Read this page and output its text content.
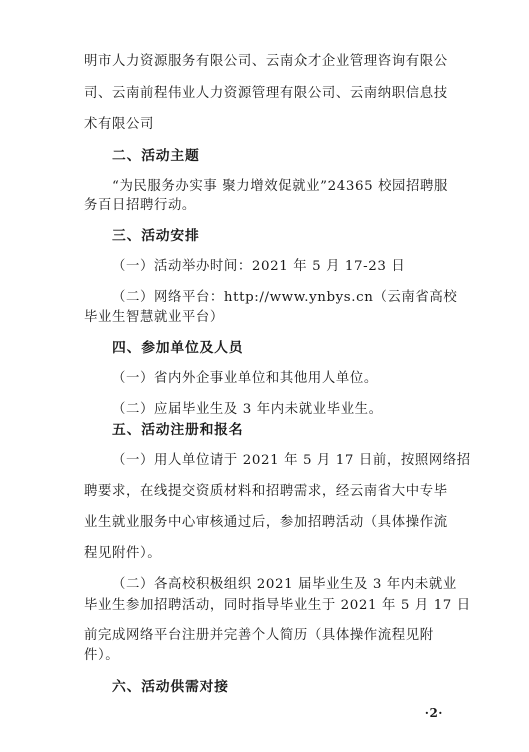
明市人力资源服务有限公司、云南众才企业管理咨询有限公
司、云南前程伟业人力资源管理有限公司、云南纳职信息技
术有限公司
二、活动主题
“为民服务办实事 聚力增效促就业”24365 校园招聘服
务百日招聘行动。
三、活动安排
（一）活动举办时间：2021 年 5 月 17-23 日
（二）网络平台：http://www.ynbys.cn（云南省高校
毕业生智慧就业平台）
四、参加单位及人员
（一）省内外企事业单位和其他用人单位。
（二）应届毕业生及 3 年内未就业毕业生。
五、活动注册和报名
（一）用人单位请于 2021 年 5 月 17 日前，按照网络招
聘要求，在线提交资质材料和招聘需求，经云南省大中专毕
业生就业服务中心审核通过后，参加招聘活动（具体操作流
程见附件）。
（二）各高校积极组织 2021 届毕业生及 3 年内未就业
毕业生参加招聘活动，同时指导毕业生于 2021 年 5 月 17 日
前完成网络平台注册并完善个人简历（具体操作流程见附
件）。
六、活动供需对接
·2·
